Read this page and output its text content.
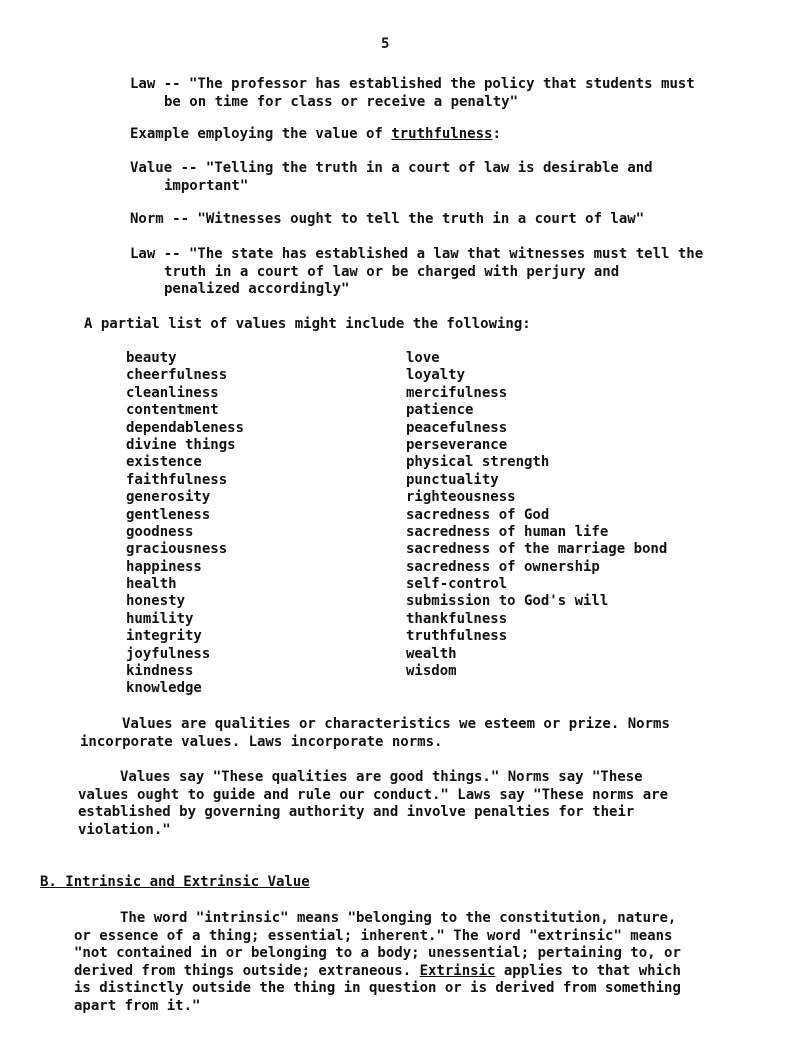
5
Law -- "The professor has established the policy that students must
be on time for class or receive a penalty"
Example employing the value of truthfulness:
Value -- "Telling the truth in a court of law is desirable and
important"
Norm -- "Witnesses ought to tell the truth in a court of law"
Law -- "The state has established a law that witnesses must tell the
truth in a court of law or be charged with perjury and
penalized accordingly"
A partial list of values might include the following:
beauty
cheerfulness
cleanliness
contentment
dependableness
divine things
existence
faithfulness
generosity
gentleness
goodness
graciousness
happiness
health
honesty
humility
integrity
joyfulness
kindness
knowledge
love
loyalty
mercifulness
patience
peacefulness
perseverance
physical strength
punctuality
righteousness
sacredness of God
sacredness of human life
sacredness of the marriage bond
sacredness of ownership
self-control
submission to God's will
thankfulness
truthfulness
wealth
wisdom
Values are qualities or characteristics we esteem or prize. Norms
incorporate values. Laws incorporate norms.
Values say "These qualities are good things." Norms say "These
values ought to guide and rule our conduct." Laws say "These norms are
established by governing authority and involve penalties for their
violation."
B. Intrinsic and Extrinsic Value
The word "intrinsic" means "belonging to the constitution, nature,
or essence of a thing; essential; inherent." The word "extrinsic" means
"not contained in or belonging to a body; unessential; pertaining to, or
derived from things outside; extraneous. Extrinsic applies to that which
is distinctly outside the thing in question or is derived from something
apart from it."
